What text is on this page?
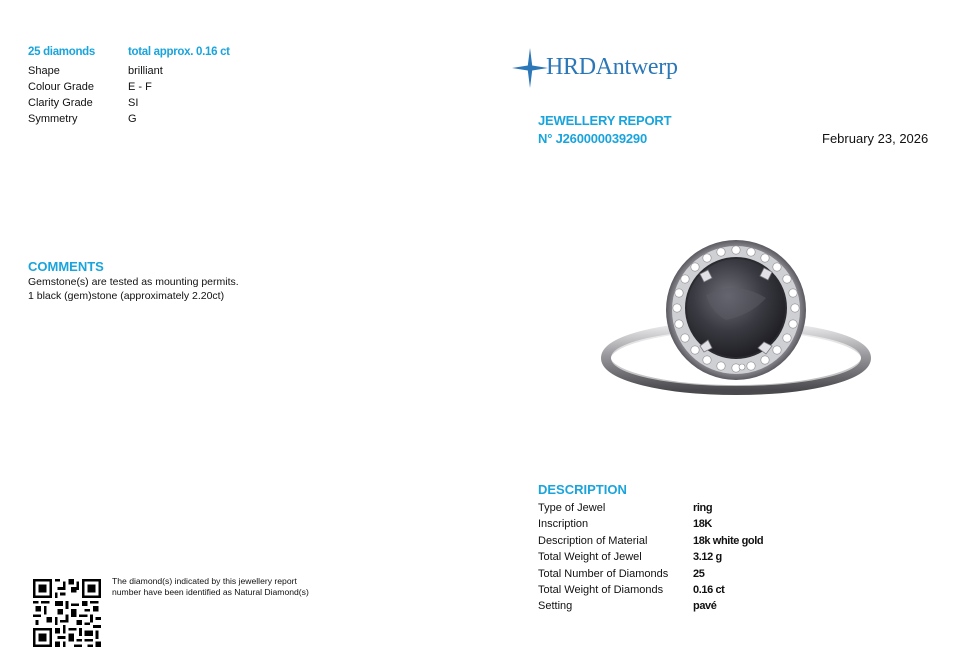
25 diamonds	total approx. 0.16 ct
Shape	brilliant
Colour Grade	E - F
Clarity Grade	SI
Symmetry	G
COMMENTS
Gemstone(s) are tested as mounting permits.
1 black (gem)stone (approximately 2.20ct)
The diamond(s) indicated by this jewellery report number have been identified as Natural Diamond(s)
HRDAntwerp
JEWELLERY REPORT
N° J260000039290	February 23, 2026
DESCRIPTION
Type of Jewel	ring
Inscription	18K
Description of Material	18k white gold
Total Weight of Jewel	3.12 g
Total Number of Diamonds	25
Total Weight of Diamonds	0.16 ct
Setting	pavé
